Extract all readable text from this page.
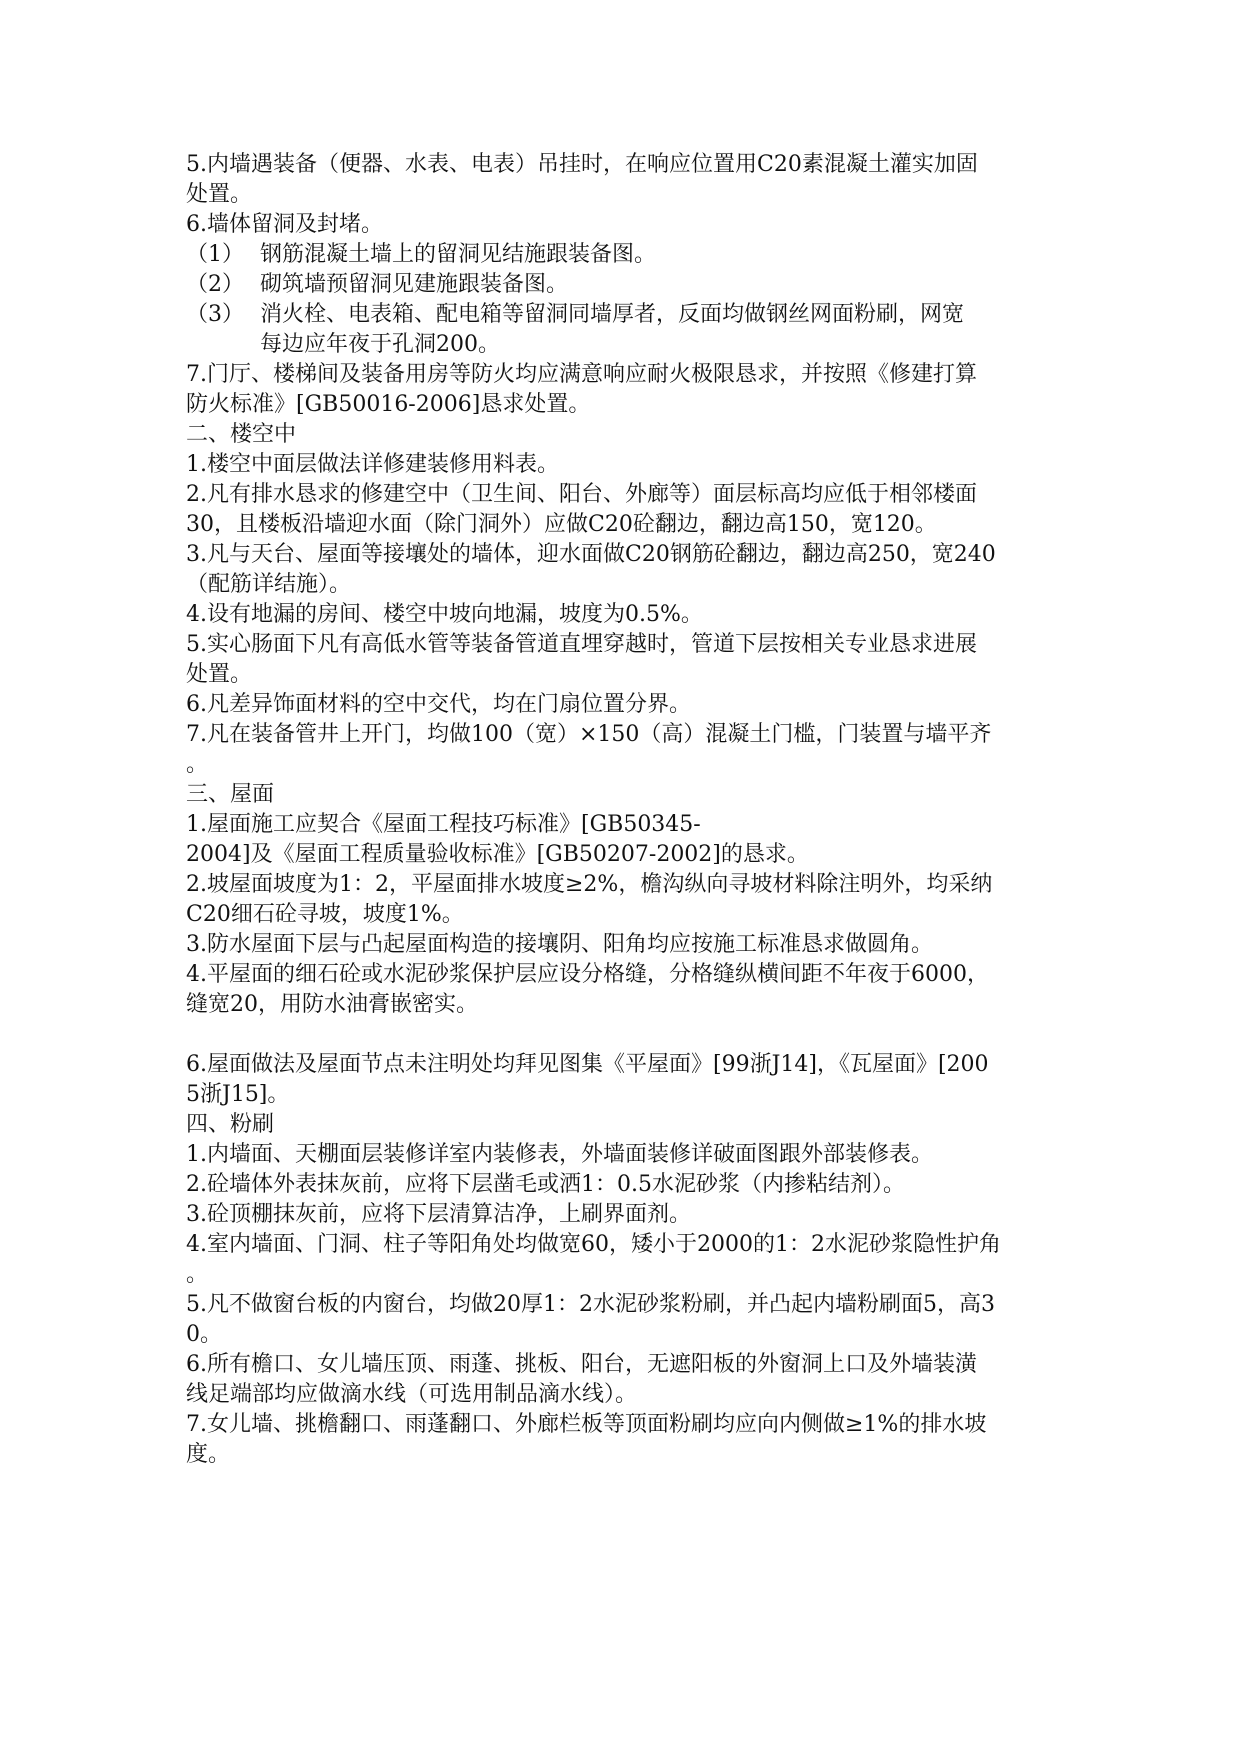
5.内墙遇装备（便器、水表、电表）吊挂时，在响应位置用C20素混凝土灌实加固
处置。
6.墙体留洞及封堵。
（1） 钢筋混凝土墙上的留洞见结施跟装备图。
（2） 砌筑墙预留洞见建施跟装备图。
（3） 消火栓、电表箱、配电箱等留洞同墙厚者，反面均做钢丝网面粉刷，网宽
每边应年夜于孔洞200。
7.门厅、楼梯间及装备用房等防火均应满意响应耐火极限恳求，并按照《修建打算
防火标准》[GB50016-2006]恳求处置。
二、楼空中
1.楼空中面层做法详修建装修用料表。
2.凡有排水恳求的修建空中（卫生间、阳台、外廊等）面层标高均应低于相邻楼面
30，且楼板沿墙迎水面（除门洞外）应做C20砼翻边，翻边高150，宽120。
3.凡与天台、屋面等接壤处的墙体，迎水面做C20钢筋砼翻边，翻边高250，宽240
（配筋详结施）。
4.设有地漏的房间、楼空中坡向地漏，坡度为0.5%。
5.实心肠面下凡有高低水管等装备管道直埋穿越时，管道下层按相关专业恳求进展
处置。
6.凡差异饰面材料的空中交代，均在门扇位置分界。
7.凡在装备管井上开门，均做100（宽）×150（高）混凝土门槛，门装置与墙平齐
。
三、屋面
1.屋面施工应契合《屋面工程技巧标准》[GB50345-
2004]及《屋面工程质量验收标准》[GB50207-2002]的恳求。
2.坡屋面坡度为1：2，平屋面排水坡度≥2%，檐沟纵向寻坡材料除注明外，均采纳
C20细石砼寻坡，坡度1%。
3.防水屋面下层与凸起屋面构造的接壤阴、阳角均应按施工标准恳求做圆角。
4.平屋面的细石砼或水泥砂浆保护层应设分格缝，分格缝纵横间距不年夜于6000，
缝宽20，用防水油膏嵌密实。
6.屋面做法及屋面节点未注明处均拜见图集《平屋面》[99浙J14]，《瓦屋面》[200
5浙J15]。
四、粉刷
1.内墙面、天棚面层装修详室内装修表，外墙面装修详破面图跟外部装修表。
2.砼墙体外表抹灰前，应将下层凿毛或洒1：0.5水泥砂浆（内掺粘结剂）。
3.砼顶棚抹灰前，应将下层清算洁净，上刷界面剂。
4.室内墙面、门洞、柱子等阳角处均做宽60，矮小于2000的1：2水泥砂浆隐性护角
。
5.凡不做窗台板的内窗台，均做20厚1：2水泥砂浆粉刷，并凸起内墙粉刷面5，高3
0。
6.所有檐口、女儿墙压顶、雨蓬、挑板、阳台，无遮阳板的外窗洞上口及外墙装潢
线足端部均应做滴水线（可选用制品滴水线）。
7.女儿墙、挑檐翻口、雨蓬翻口、外廊栏板等顶面粉刷均应向内侧做≥1%的排水坡
度。
